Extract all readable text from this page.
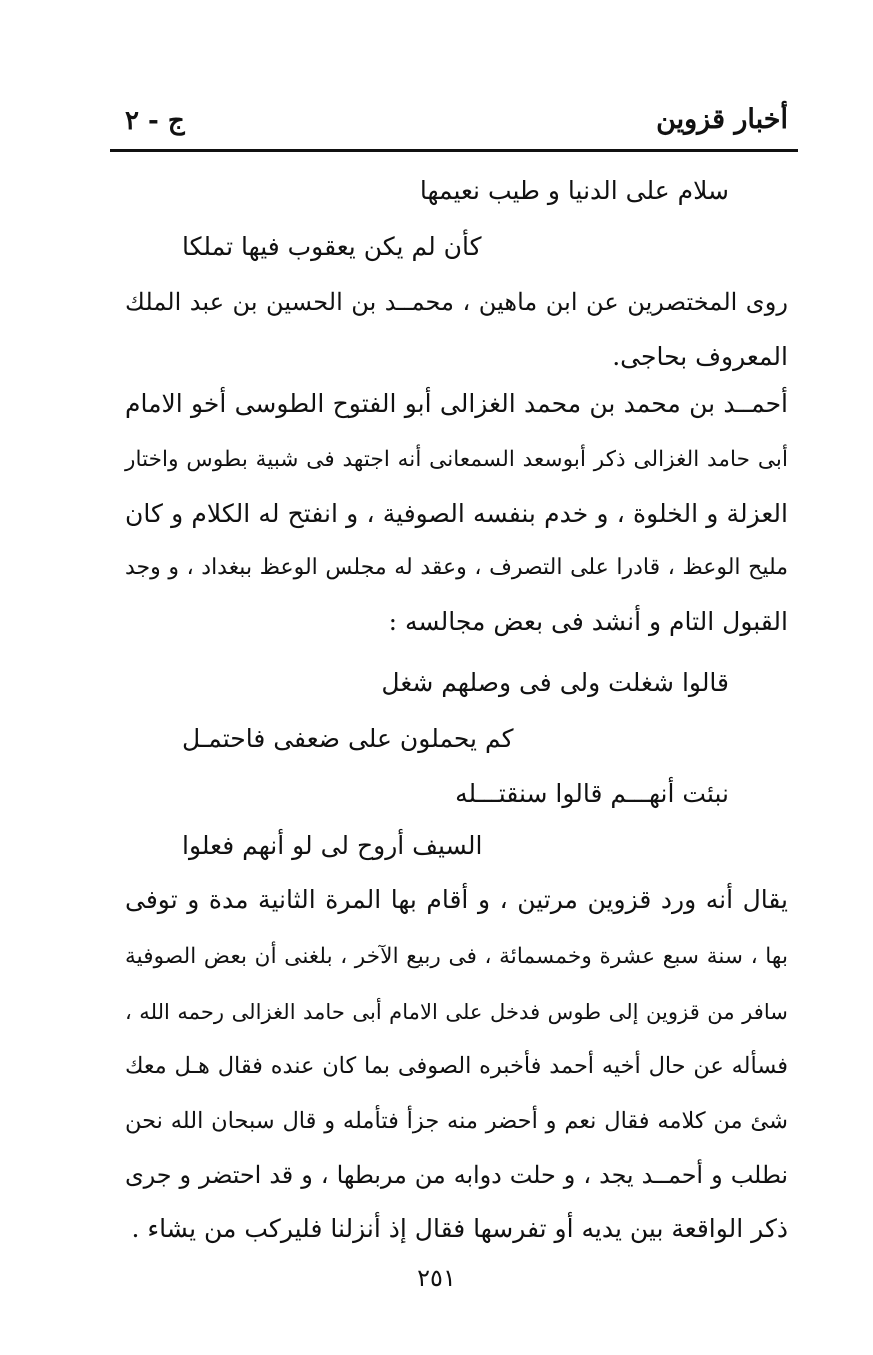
أخبار قزوين
ج - ٢
سلام على الدنيا و طيب نعيمها
كأن لم يكن يعقوب فيها تملكا
روى المختصرين عن ابن ماهين ، محمــد بن الحسين بن عبد الملك
المعروف بحاجى.
أحمــد بن محمد بن محمد الغزالى أبو الفتوح الطوسى أخو الامام
أبى حامد الغزالى ذكر أبوسعد السمعانى أنه اجتهد فى شبية بطوس واختار
العزلة و الخلوة ، و خدم بنفسه الصوفية ، و انفتح له الكلام و كان
مليح الوعظ ، قادرا على التصرف ، وعقد له مجلس الوعظ ببغداد ، و وجد
القبول التام و أنشد فى بعض مجالسه :
قالوا شغلت ولى فى وصلهم شغل
كم يحملون على ضعفى فاحتمـل
نبئت أنهـــم قالوا سنقتـــله
السيف أروح لى لو أنهم فعلوا
يقال أنه ورد قزوين مرتين ، و أقام بها المرة الثانية مدة و توفى
بها ، سنة سبع عشرة وخمسمائة ، فى ربيع الآخر ، بلغنى أن بعض الصوفية
سافر من قزوين إلى طوس فدخل على الامام أبى حامد الغزالى رحمه الله ،
فسأله عن حال أخيه أحمد فأخبره الصوفى بما كان عنده فقال هـل معك
شئ من كلامه فقال نعم و أحضر منه جزأ فتأمله و قال سبحان الله نحن
نطلب و أحمــد يجد ، و حلت دوابه من مربطها ، و قد احتضر و جرى
ذكر الواقعة بين يديه أو تفرسها فقال إذ أنزلنا فليركب من يشاء .
٢٥١
